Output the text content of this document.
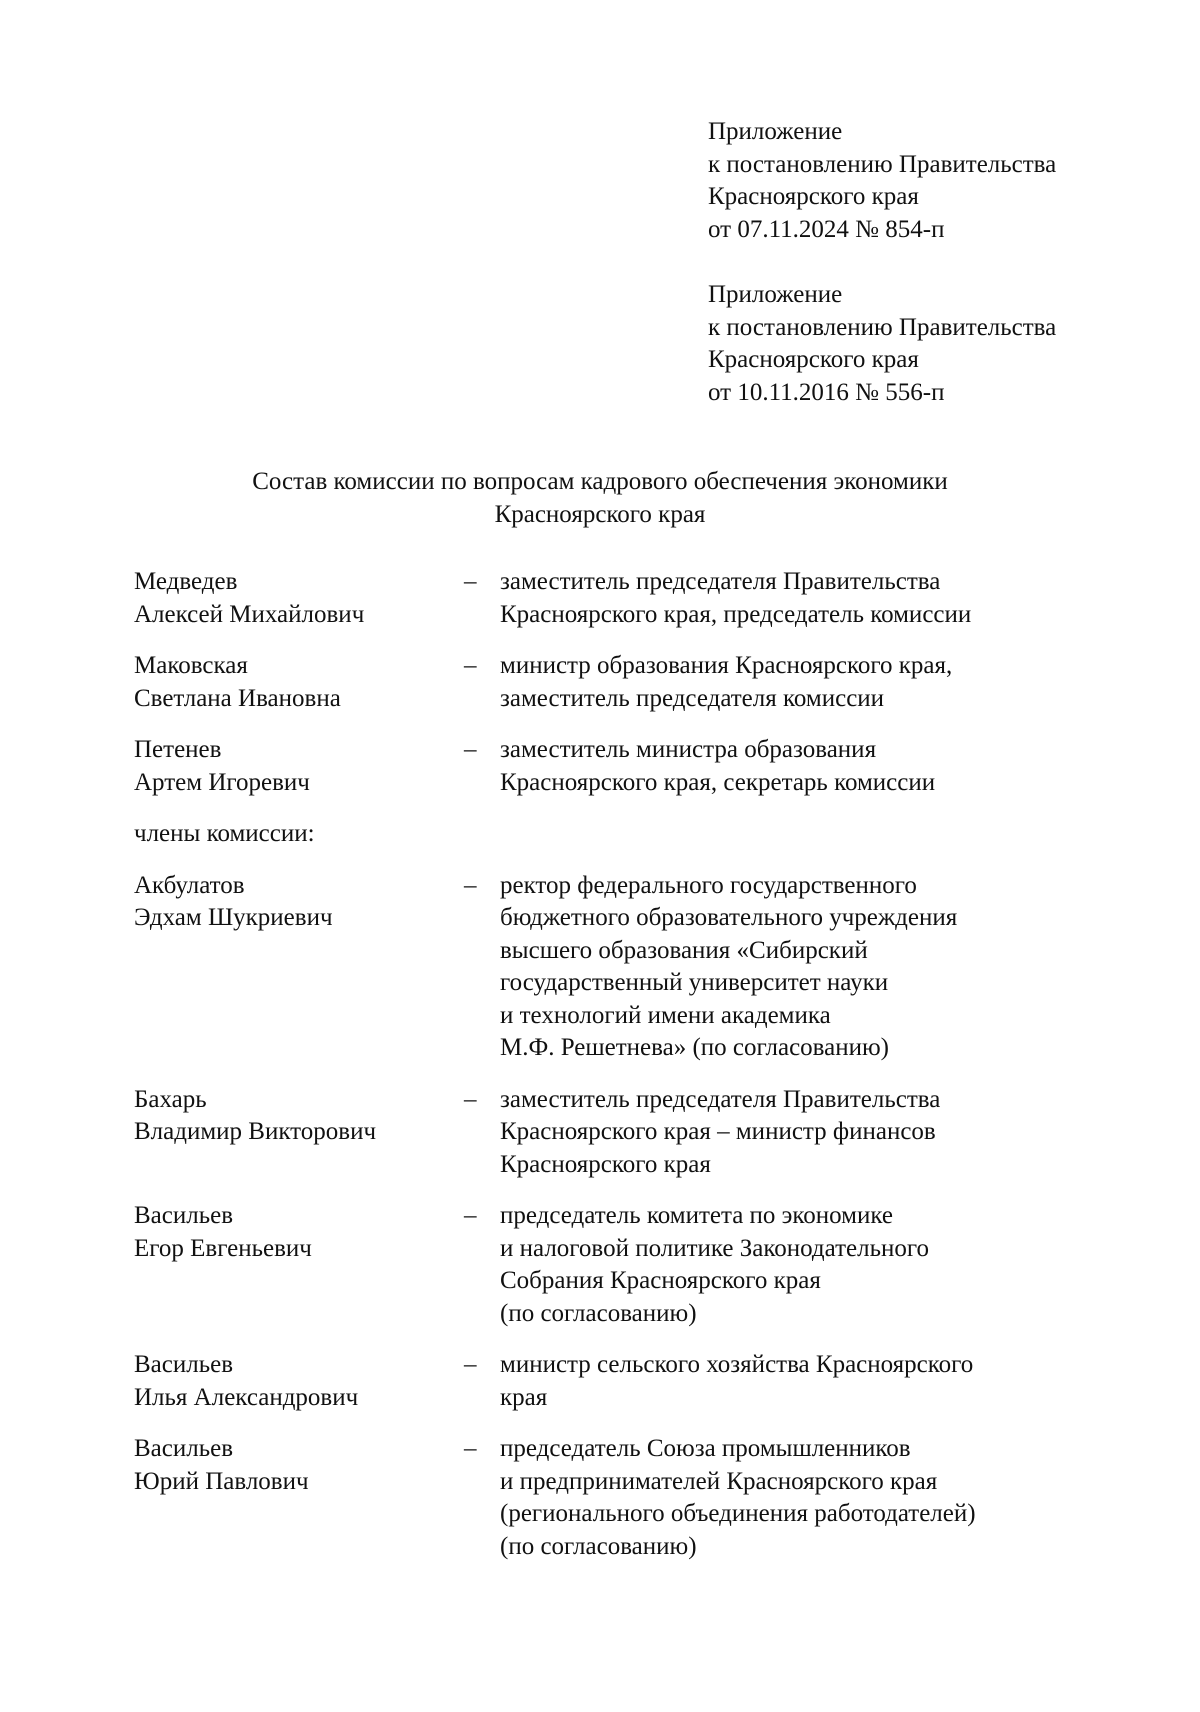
Приложение
к постановлению Правительства
Красноярского края
от 07.11.2024 № 854-п
Приложение
к постановлению Правительства
Красноярского края
от 10.11.2016 № 556-п
Состав комиссии по вопросам кадрового обеспечения экономики
Красноярского края
Медведев
Алексей Михайлович
– заместитель председателя Правительства
Красноярского края, председатель комиссии
Маковская
Светлана Ивановна
– министр образования Красноярского края,
заместитель председателя комиссии
Петенев
Артем Игоревич
– заместитель министра образования
Красноярского края, секретарь комиссии
члены комиссии:
Акбулатов
Эдхам Шукриевич
– ректор федерального государственного
бюджетного образовательного учреждения
высшего образования «Сибирский
государственный университет науки
и технологий имени академика
М.Ф. Решетнева» (по согласованию)
Бахарь
Владимир Викторович
– заместитель председателя Правительства
Красноярского края – министр финансов
Красноярского края
Васильев
Егор Евгеньевич
– председатель комитета по экономике
и налоговой политике Законодательного
Собрания Красноярского края
(по согласованию)
Васильев
Илья Александрович
– министр сельского хозяйства Красноярского
края
Васильев
Юрий Павлович
– председатель Союза промышленников
и предпринимателей Красноярского края
(регионального объединения работодателей)
(по согласованию)
